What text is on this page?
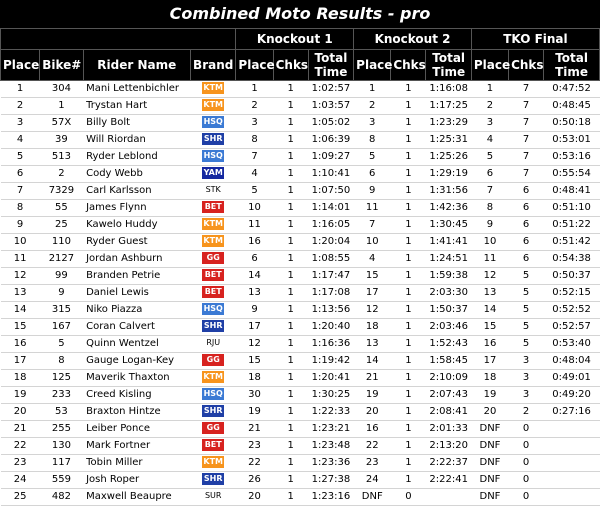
Combined Moto Results - pro
				Knockout 1			Knockout 2			TKO Final		
Place	Bike#	Rider Name	Brand	Place	Chks	Total Time	Place	Chks	Total Time	Place	Chks	Total Time
1	304	Mani Lettenbichler	KTM	1	1	1:02:57	1	1	1:16:08	1	7	0:47:52
2	1	Trystan Hart	KTM	2	1	1:03:57	2	1	1:17:25	2	7	0:48:45
3	57X	Billy Bolt	HSQ	3	1	1:05:02	3	1	1:23:29	3	7	0:50:18
4	39	Will Riordan	SHR	8	1	1:06:39	8	1	1:25:31	4	7	0:53:01
5	513	Ryder Leblond	HSQ	7	1	1:09:27	5	1	1:25:26	5	7	0:53:16
6	2	Cody Webb	YAM	4	1	1:10:41	6	1	1:29:19	6	7	0:55:54
7	7329	Carl Karlsson	STK	5	1	1:07:50	9	1	1:31:56	7	6	0:48:41
8	55	James Flynn	BET	10	1	1:14:01	11	1	1:42:36	8	6	0:51:10
9	25	Kawelo Huddy	KTM	11	1	1:16:05	7	1	1:30:45	9	6	0:51:22
10	110	Ryder Guest	KTM	16	1	1:20:04	10	1	1:41:41	10	6	0:51:42
11	2127	Jordan Ashburn	GG	6	1	1:08:55	4	1	1:24:51	11	6	0:54:38
12	99	Branden Petrie	BET	14	1	1:17:47	15	1	1:59:38	12	5	0:50:37
13	9	Daniel Lewis	BET	13	1	1:17:08	17	1	2:03:30	13	5	0:52:15
14	315	Niko Piazza	HSQ	9	1	1:13:56	12	1	1:50:37	14	5	0:52:52
15	167	Coran Calvert	SHR	17	1	1:20:40	18	1	2:03:46	15	5	0:52:57
16	5	Quinn Wentzel	RJU	12	1	1:16:36	13	1	1:52:43	16	5	0:53:40
17	8	Gauge Logan-Key	GG	15	1	1:19:42	14	1	1:58:45	17	3	0:48:04
18	125	Maverik Thaxton	KTM	18	1	1:20:41	21	1	2:10:09	18	3	0:49:01
19	233	Creed Kisling	HSQ	30	1	1:30:25	19	1	2:07:43	19	3	0:49:20
20	53	Braxton Hintze	SHR	19	1	1:22:33	20	1	2:08:41	20	2	0:27:16
21	255	Leiber Ponce	GG	21	1	1:23:21	16	1	2:01:33	DNF	0	
22	130	Mark Fortner	BET	23	1	1:23:48	22	1	2:13:20	DNF	0	
23	117	Tobin Miller	KTM	22	1	1:23:36	23	1	2:22:37	DNF	0	
24	559	Josh Roper	SHR	26	1	1:27:38	24	1	2:22:41	DNF	0	
25	482	Maxwell Beaupre	SUR	20	1	1:23:16	DNF	0		DNF	0	
